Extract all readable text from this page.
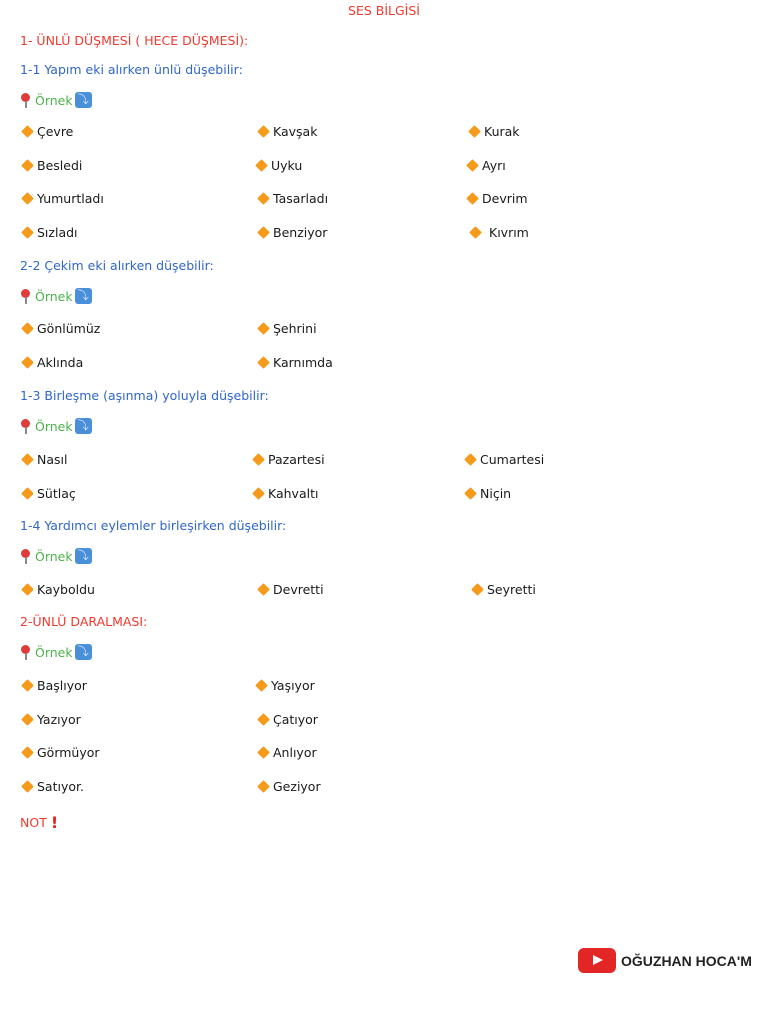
SES BİLGİSİ
1- ÜNLÜ DÜŞMESİ ( HECE DÜŞMESİ):
1-1 Yapım eki alırken ünlü düşebilir:
Örnek ⤵
Çevre	Kavşak	Kurak
Besledi	Uyku	Ayrı
Yumurtladı	Tasarladı	Devrim
Sızladı	Benziyor	Kıvrım
2-2 Çekim eki alırken düşebilir:
Örnek ⤵
Gönlümüz	Şehrini
Aklında	Karnımda
1-3 Birleşme (aşınma) yoluyla düşebilir:
Örnek ⤵
Nasıl	Pazartesi	Cumartesi
Sütlaç	Kahvaltı	Niçin
1-4 Yardımcı eylemler birleşirken düşebilir:
Örnek ⤵
Kayboldu	Devretti	Seyretti
2-ÜNLÜ DARALMASI:
Örnek ⤵
Başlıyor	Yaşıyor
Yazıyor	Çatıyor
Görmüyor	Anlıyor
Satıyor.	Geziyor
NOT !
OĞUZHAN HOCA'M
